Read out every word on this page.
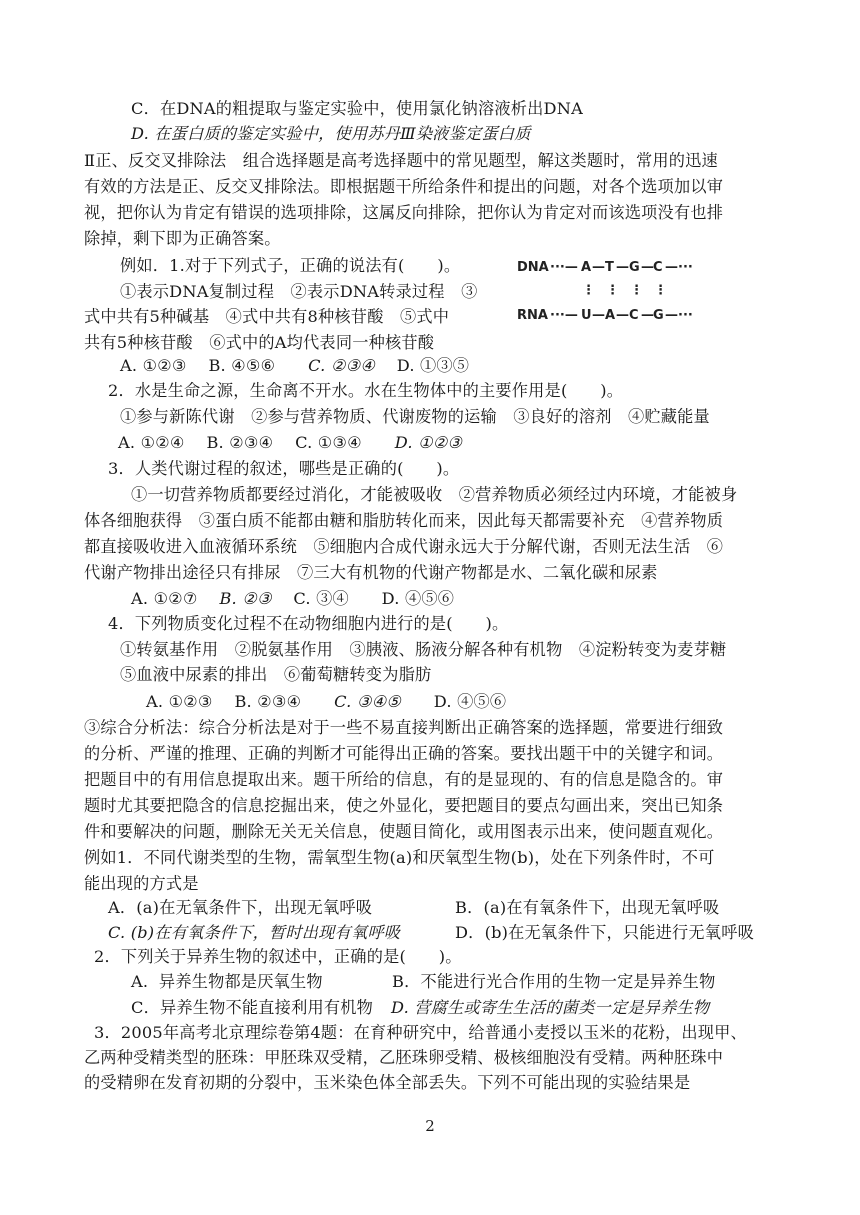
C．在DNA的粗提取与鉴定实验中，使用氯化钠溶液析出DNA
D. 在蛋白质的鉴定实验中，使用苏丹Ⅲ染液鉴定蛋白质
Ⅱ正、反交叉排除法　组合选择题是高考选择题中的常见题型，解这类题时，常用的迅速
有效的方法是正、反交叉排除法。即根据题干所给条件和提出的问题，对各个选项加以审
视，把你认为肯定有错误的选项排除，这属反向排除，把你认为肯定对而该选项没有也排
除掉，剩下即为正确答案。
例如．1.对于下列式子，正确的说法有(　　)。
①表示DNA复制过程　②表示DNA转录过程　③
式中共有5种碱基　④式中共有8种核苷酸　⑤式中
共有5种核苷酸　⑥式中的A均代表同一种核苷酸
DNA ···— A — T — G — C —···
⋮ ⋮ ⋮ ⋮
RNA ···— U — A — C — G —···
A. ①②③　 B. ④⑤⑥　　C. ②③④　 D. ①③⑤
2．水是生命之源，生命离不开水。水在生物体中的主要作用是(　　)。
①参与新陈代谢　②参与营养物质、代谢废物的运输　③良好的溶剂　④贮藏能量
A. ①②④　 B. ②③④　 C. ①③④　　D. ①②③
3．人类代谢过程的叙述，哪些是正确的(　　)。
①一切营养物质都要经过消化，才能被吸收　②营养物质必须经过内环境，才能被身
体各细胞获得　③蛋白质不能都由糖和脂肪转化而来，因此每天都需要补充　④营养物质
都直接吸收进入血液循环系统　⑤细胞内合成代谢永远大于分解代谢，否则无法生活　⑥
代谢产物排出途径只有排尿　⑦三大有机物的代谢产物都是水、二氧化碳和尿素
A. ①②⑦　 B. ②③　 C. ③④　　D. ④⑤⑥
4．下列物质变化过程不在动物细胞内进行的是(　　)。
①转氨基作用　②脱氨基作用　③胰液、肠液分解各种有机物　④淀粉转变为麦芽糖
⑤血液中尿素的排出　⑥葡萄糖转变为脂肪
A. ①②③　 B. ②③④　　C. ③④⑤　　D. ④⑤⑥
③综合分析法：综合分析法是对于一些不易直接判断出正确答案的选择题，常要进行细致
的分析、严谨的推理、正确的判断才可能得出正确的答案。要找出题干中的关键字和词。
把题目中的有用信息提取出来。题干所给的信息，有的是显现的、有的信息是隐含的。审
题时尤其要把隐含的信息挖掘出来，使之外显化，要把题目的要点勾画出来，突出已知条
件和要解决的问题，删除无关无关信息，使题目简化，或用图表示出来，使问题直观化。
例如1．不同代谢类型的生物，需氧型生物(a)和厌氧型生物(b)，处在下列条件时，不可
能出现的方式是
A．(a)在无氧条件下，出现无氧呼吸	B．(a)在有氧条件下，出现无氧呼吸
C. (b)在有氧条件下，暂时出现有氧呼吸	D．(b)在无氧条件下，只能进行无氧呼吸
2．下列关于异养生物的叙述中，正确的是(　　)。
A.  异养生物都是厌氧生物	B．不能进行光合作用的生物一定是异养生物
C．异养生物不能直接利用有机物 D. 营腐生或寄生生活的菌类一定是异养生物
3．2005年高考北京理综卷第4题：在育种研究中，给普通小麦授以玉米的花粉，出现甲、
乙两种受精类型的胚珠：甲胚珠双受精，乙胚珠卵受精、极核细胞没有受精。两种胚珠中
的受精卵在发育初期的分裂中，玉米染色体全部丢失。下列不可能出现的实验结果是
2
